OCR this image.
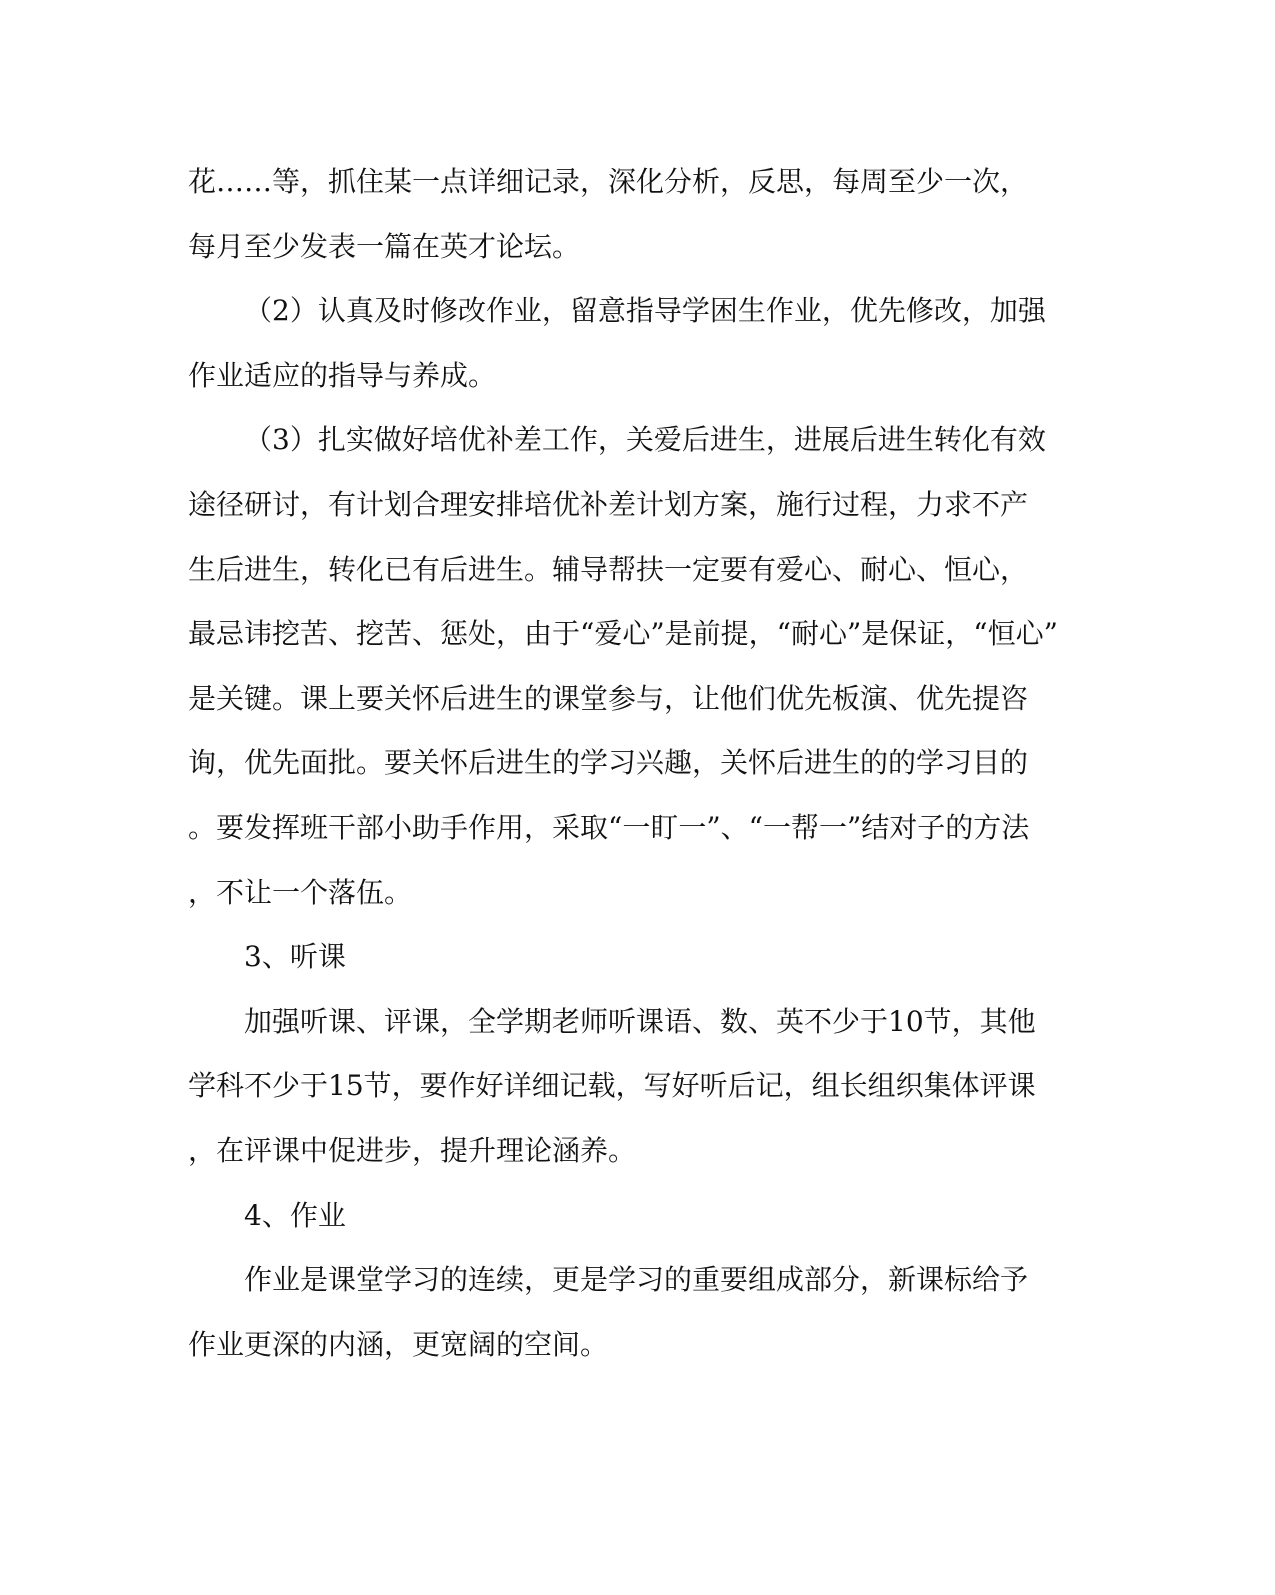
花……等，抓住某一点详细记录，深化分析，反思，每周至少一次，
每月至少发表一篇在英才论坛。
（2）认真及时修改作业，留意指导学困生作业，优先修改，加强
作业适应的指导与养成。
（3）扎实做好培优补差工作，关爱后进生，进展后进生转化有效
途径研讨，有计划合理安排培优补差计划方案，施行过程，力求不产
生后进生，转化已有后进生。辅导帮扶一定要有爱心、耐心、恒心，
最忌讳挖苦、挖苦、惩处，由于“爱心”是前提，“耐心”是保证，“恒心”
是关键。课上要关怀后进生的课堂参与，让他们优先板演、优先提咨
询，优先面批。要关怀后进生的学习兴趣，关怀后进生的的学习目的
。要发挥班干部小助手作用，采取“一盯一”、“一帮一”结对子的方法
，不让一个落伍。
3、听课
加强听课、评课，全学期老师听课语、数、英不少于10节，其他
学科不少于15节，要作好详细记载，写好听后记，组长组织集体评课
，在评课中促进步，提升理论涵养。
4、作业
作业是课堂学习的连续，更是学习的重要组成部分，新课标给予
作业更深的内涵，更宽阔的空间。
